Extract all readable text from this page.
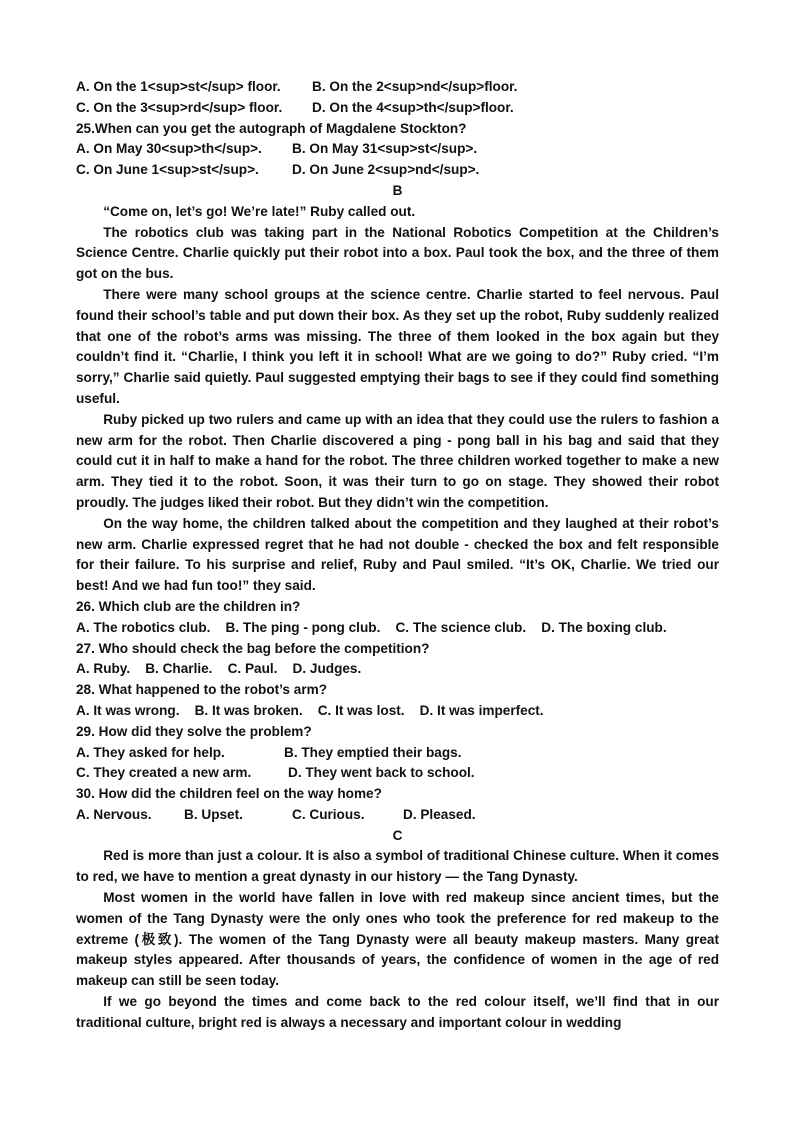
A. On the 1<sup>st</sup> floor. B. On the 2<sup>nd</sup>floor.
C. On the 3<sup>rd</sup> floor. D. On the 4<sup>th</sup>floor.
25.When can you get the autograph of Magdalene Stockton?
A. On May 30<sup>th</sup>. B. On May 31<sup>st</sup>.
C. On June 1<sup>st</sup>. D. On June 2<sup>nd</sup>.
B

“Come on, let’s go! We’re late!” Ruby called out.

The robotics club was taking part in the National Robotics Competition at the Children’s Science Centre. Charlie quickly put their robot into a box. Paul took the box, and the three of them got on the bus.

There were many school groups at the science centre. Charlie started to feel nervous. Paul found their school’s table and put down their box. As they set up the robot, Ruby suddenly realized that one of the robot’s arms was missing. The three of them looked in the box again but they couldn’t find it. “Charlie, I think you left it in school! What are we going to do?” Ruby cried. “I’m sorry,” Charlie said quietly. Paul suggested emptying their bags to see if they could find something useful.

Ruby picked up two rulers and came up with an idea that they could use the rulers to fashion a new arm for the robot. Then Charlie discovered a ping - pong ball in his bag and said that they could cut it in half to make a hand for the robot. The three children worked together to make a new arm. They tied it to the robot. Soon, it was their turn to go on stage. They showed their robot proudly. The judges liked their robot. But they didn’t win the competition.

On the way home, the children talked about the competition and they laughed at their robot’s new arm. Charlie expressed regret that he had not double - checked the box and felt responsible for their failure. To his surprise and relief, Ruby and Paul smiled. “It’s OK, Charlie. We tried our best! And we had fun too!” they said.

26. Which club are the children in?
A. The robotics club.    B. The ping - pong club.    C. The science club.    D. The boxing club.
27. Who should check the bag before the competition?
A. Ruby.    B. Charlie.    C. Paul.    D. Judges.
28. What happened to the robot’s arm?
A. It was wrong.    B. It was broken.    C. It was lost.    D. It was imperfect.
29. How did they solve the problem?
A. They asked for help.	B. They emptied their bags.
C. They created a new arm.	D. They went back to school.
30. How did the children feel on the way home?
A. Nervous. B. Upset.	C. Curious.	D. Pleased.
C

Red is more than just a colour. It is also a symbol of traditional Chinese culture. When it comes to red, we have to mention a great dynasty in our history — the Tang Dynasty.

Most women in the world have fallen in love with red makeup since ancient times, but the women of the Tang Dynasty were the only ones who took the preference for red makeup to the extreme (极致). The women of the Tang Dynasty were all beauty makeup masters. Many great makeup styles appeared. After thousands of years, the confidence of women in the age of red makeup can still be seen today.

If we go beyond the times and come back to the red colour itself, we’ll find that in our traditional culture, bright red is always a necessary and important colour in wedding
